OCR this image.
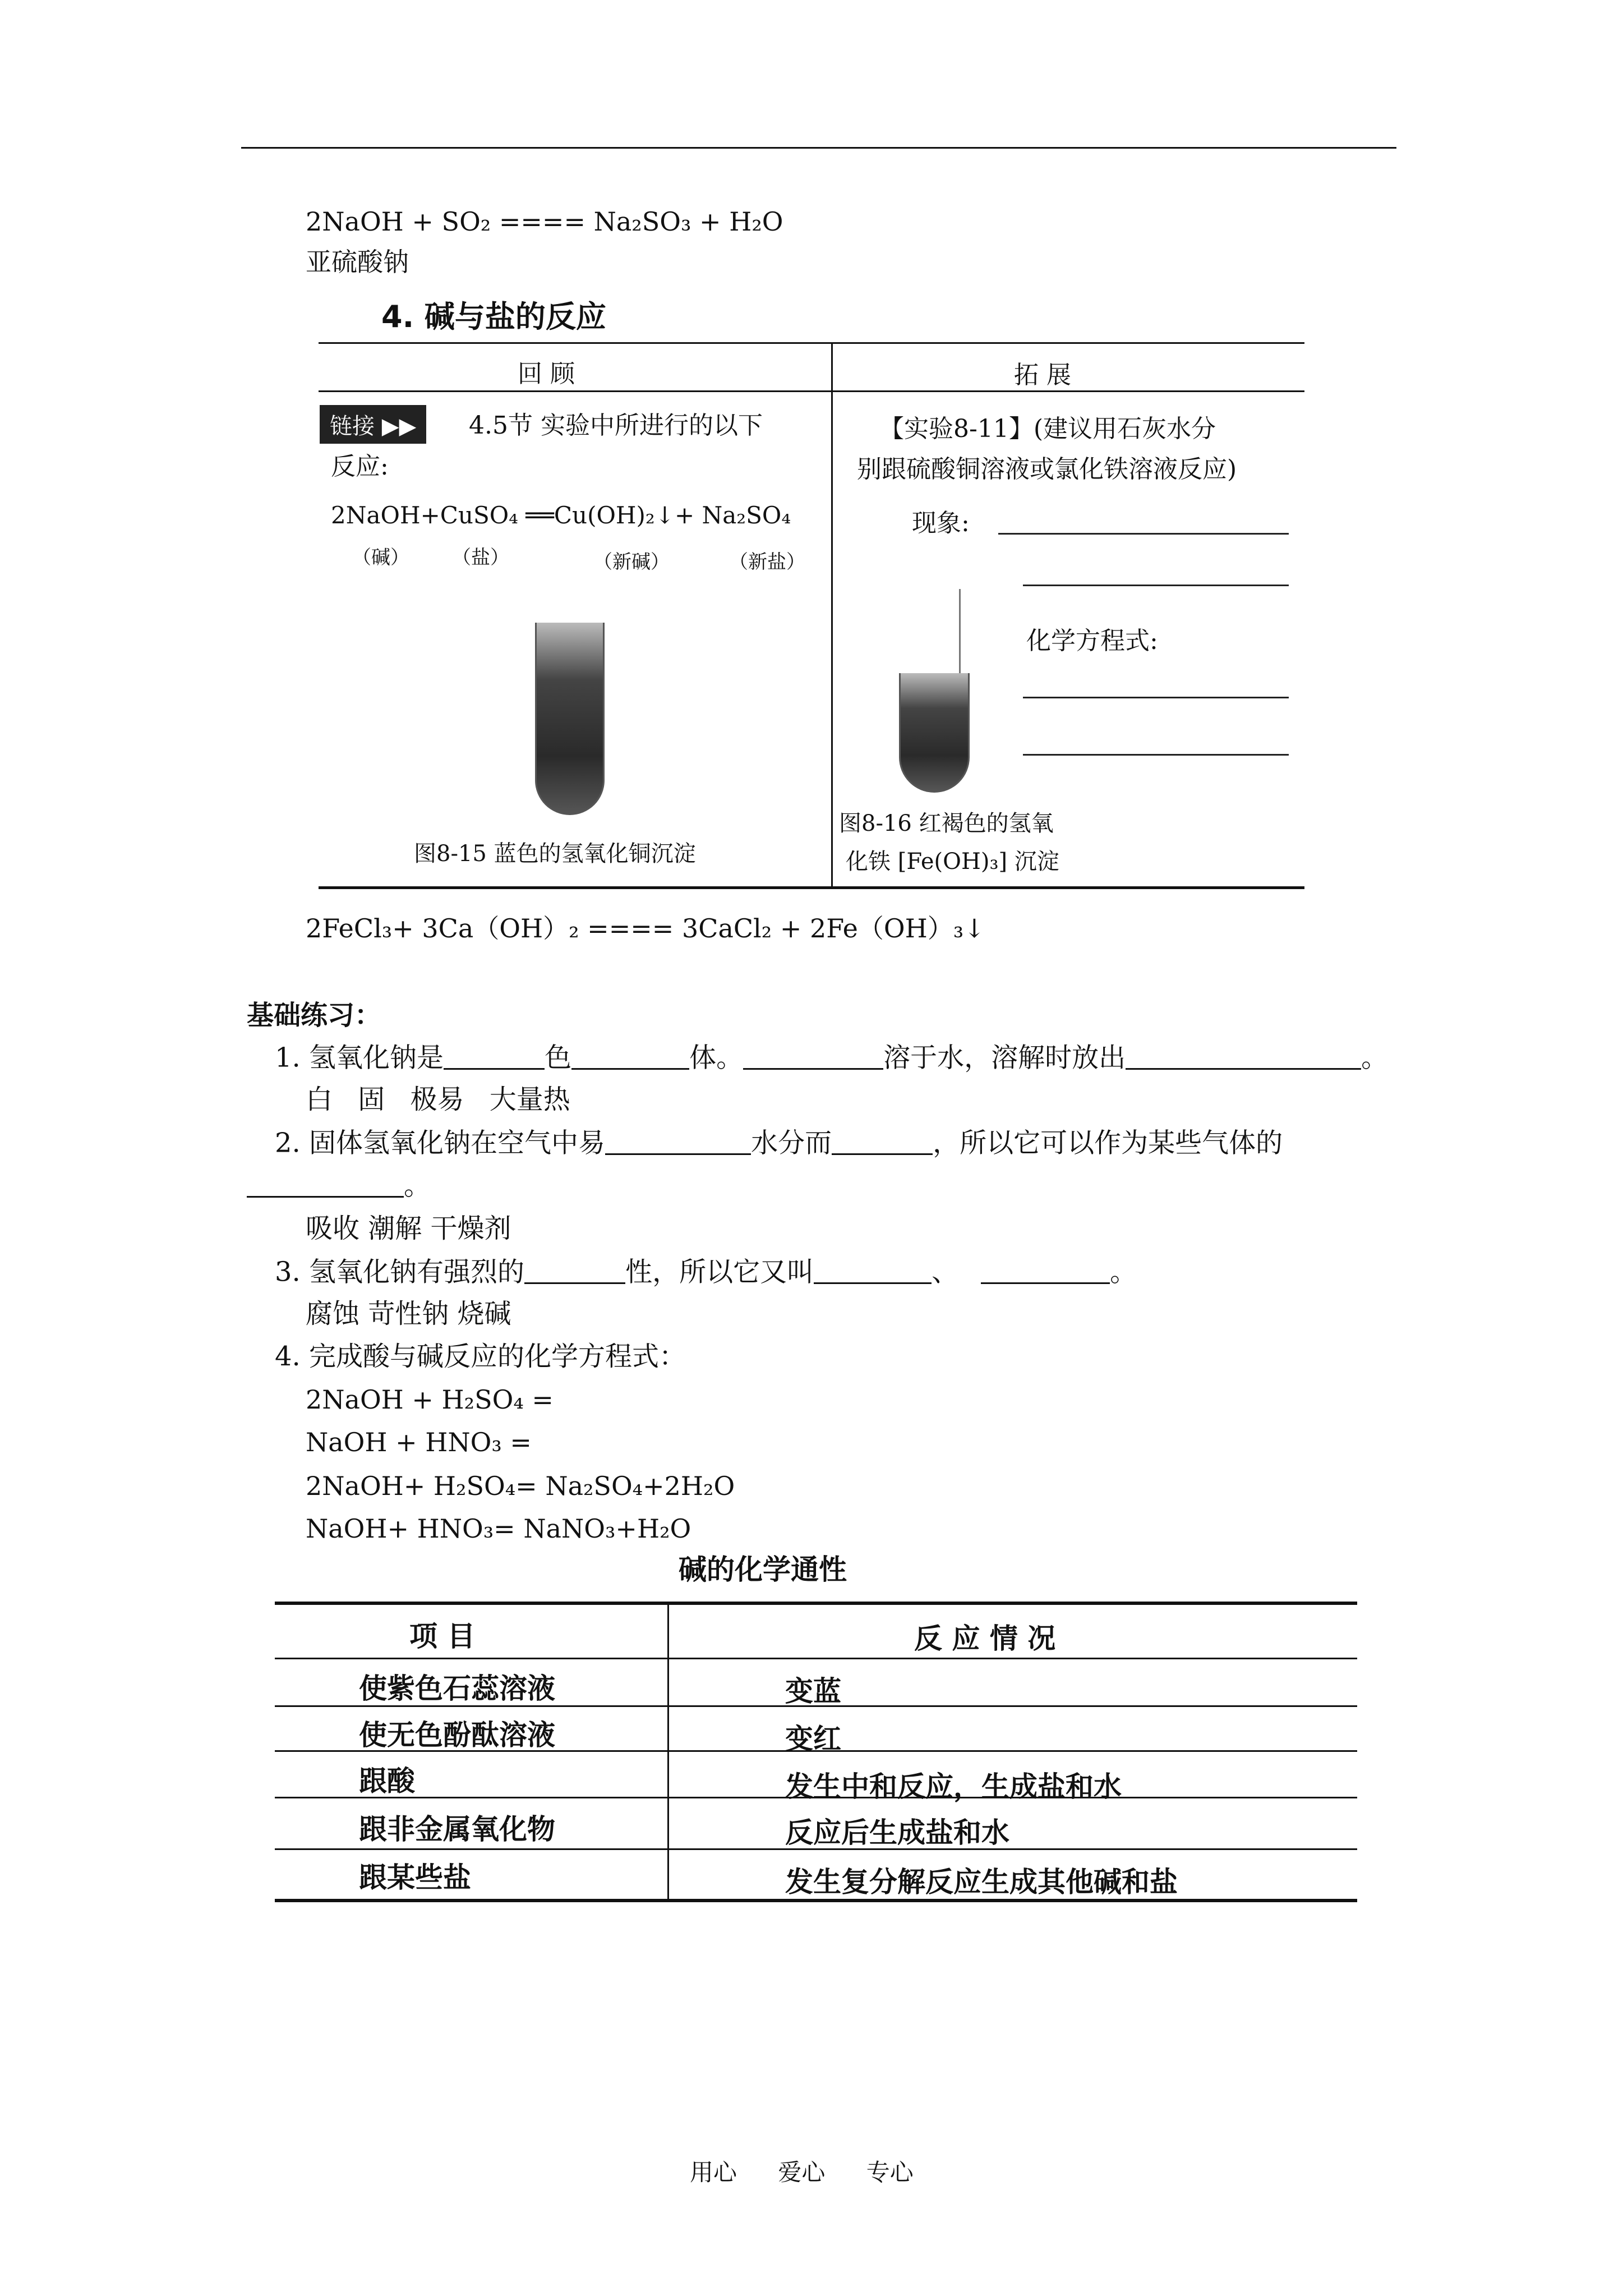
2NaOH + SO₂ ==== Na₂SO₃ + H₂O
亚硫酸钠
4. 碱与盐的反应
回 顾	拓 展
链接 ▶▶	4.5节 实验中所进行的以下
反应:
2NaOH+CuSO₄ ══Cu(OH)₂↓+ Na₂SO₄
（碱） （盐）	（新碱）	（新盐）
图8-15 蓝色的氢氧化铜沉淀
【实验8-11】(建议用石灰水分
别跟硫酸铜溶液或氯化铁溶液反应)
现象:
化学方程式:
图8-16 红褐色的氢氧
化铁 [Fe(OH)₃] 沉淀
2FeCl₃+ 3Ca（OH）₂ ==== 3CaCl₂ + 2Fe（OH）₃↓
基础练习：
1. 氢氧化钠是	色	体。	溶于水，溶解时放出	。
白 固 极易 大量热
2. 固体氢氧化钠在空气中易	水分而	，所以它可以作为某些气体的
。
吸收 潮解 干燥剂
3. 氢氧化钠有强烈的	性，所以它又叫	、	。
腐蚀 苛性钠 烧碱
4. 完成酸与碱反应的化学方程式：
2NaOH + H₂SO₄ =
NaOH + HNO₃ =
2NaOH+ H₂SO₄= Na₂SO₄+2H₂O
NaOH+ HNO₃= NaNO₃+H₂O
碱的化学通性
项 目	反 应 情 况
使紫色石蕊溶液	变蓝
使无色酚酞溶液	变红
跟酸	发生中和反应，生成盐和水
跟非金属氧化物	反应后生成盐和水
跟某些盐	发生复分解反应生成其他碱和盐
用心 爱心 专心
